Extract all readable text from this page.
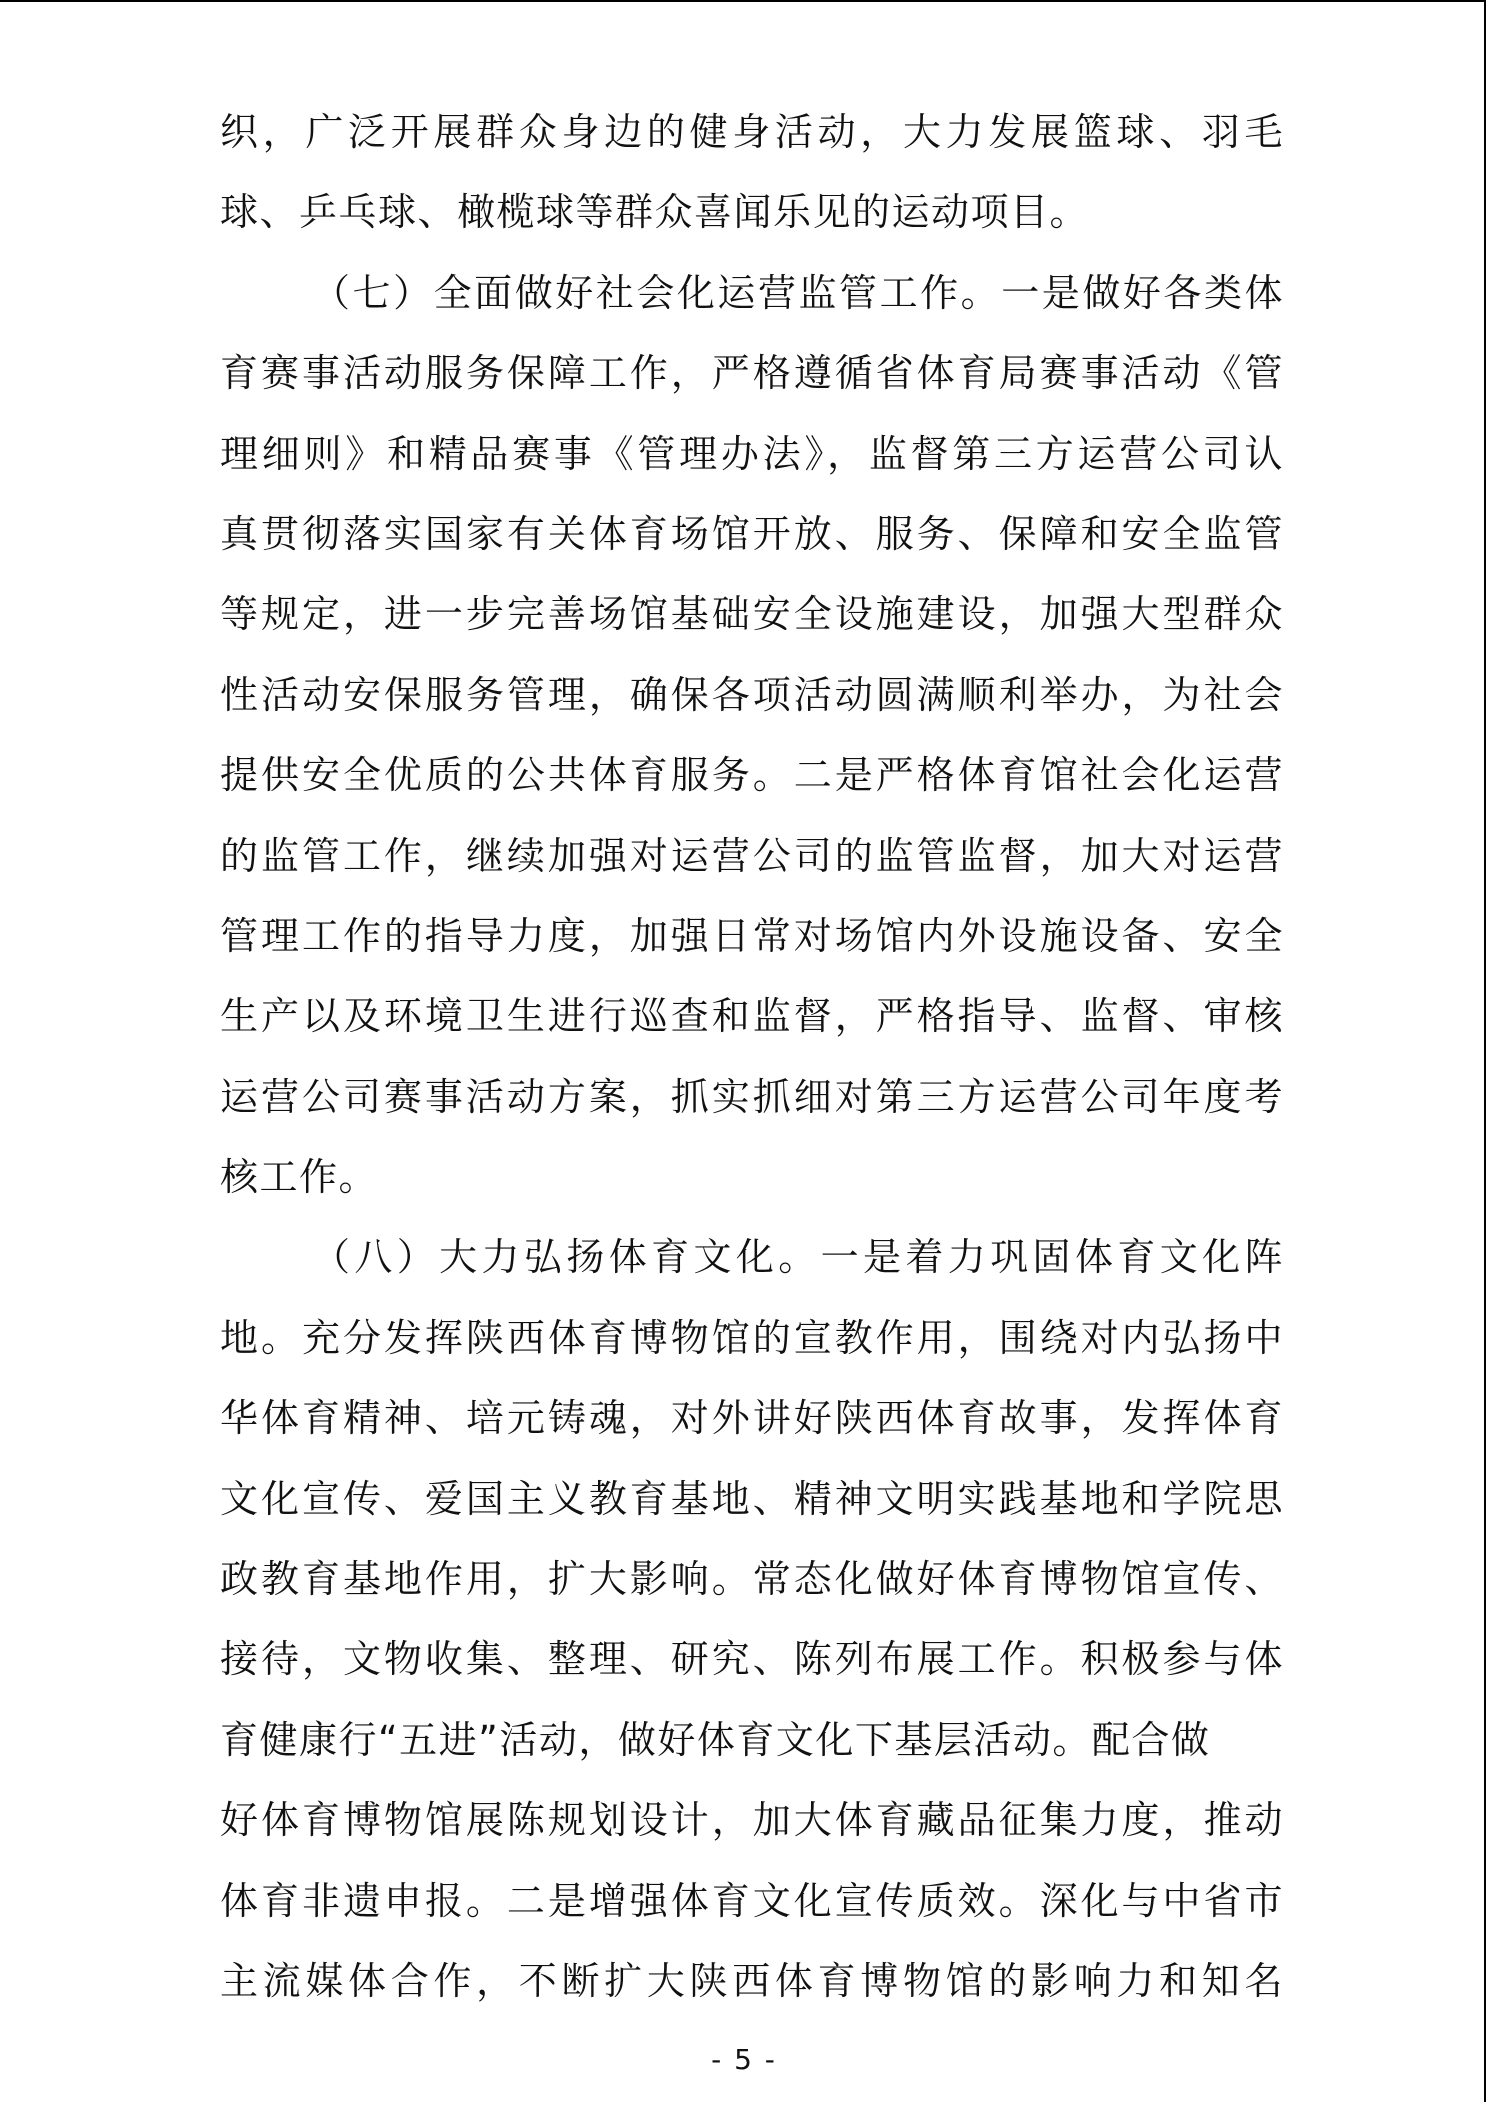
织，广泛开展群众身边的健身活动，大力发展篮球、羽毛
球、乒乓球、橄榄球等群众喜闻乐见的运动项目。
（七）全面做好社会化运营监管工作。一是做好各类体
育赛事活动服务保障工作，严格遵循省体育局赛事活动《管
理细则》和精品赛事《管理办法》，监督第三方运营公司认
真贯彻落实国家有关体育场馆开放、服务、保障和安全监管
等规定，进一步完善场馆基础安全设施建设，加强大型群众
性活动安保服务管理，确保各项活动圆满顺利举办，为社会
提供安全优质的公共体育服务。二是严格体育馆社会化运营
的监管工作，继续加强对运营公司的监管监督，加大对运营
管理工作的指导力度，加强日常对场馆内外设施设备、安全
生产以及环境卫生进行巡查和监督，严格指导、监督、审核
运营公司赛事活动方案，抓实抓细对第三方运营公司年度考
核工作。
（八）大力弘扬体育文化。一是着力巩固体育文化阵
地。充分发挥陕西体育博物馆的宣教作用，围绕对内弘扬中
华体育精神、培元铸魂，对外讲好陕西体育故事，发挥体育
文化宣传、爱国主义教育基地、精神文明实践基地和学院思
政教育基地作用，扩大影响。常态化做好体育博物馆宣传、
接待，文物收集、整理、研究、陈列布展工作。积极参与体
育健康行“五进”活动，做好体育文化下基层活动。配合做
好体育博物馆展陈规划设计，加大体育藏品征集力度，推动
体育非遗申报。二是增强体育文化宣传质效。深化与中省市
主流媒体合作，不断扩大陕西体育博物馆的影响力和知名
- 5 -
